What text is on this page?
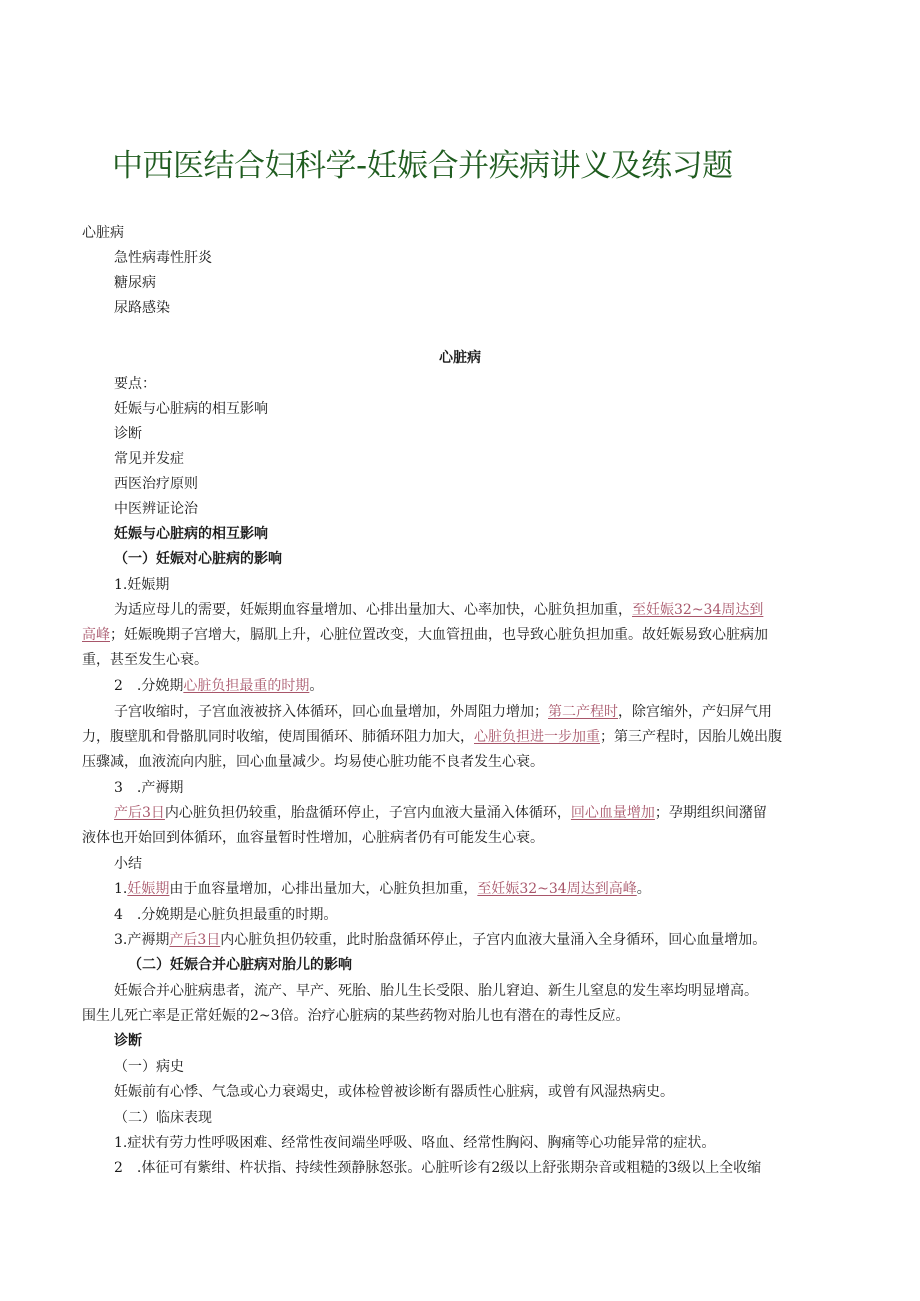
中西医结合妇科学-妊娠合并疾病讲义及练习题
心脏病
急性病毒性肝炎
糖尿病
尿路感染
心脏病
要点：
妊娠与心脏病的相互影响
诊断
常见并发症
西医治疗原则
中医辨证论治
妊娠与心脏病的相互影响
（一）妊娠对心脏病的影响
1.妊娠期
为适应母儿的需要，妊娠期血容量增加、心排出量加大、心率加快，心脏负担加重，至妊娠32~34周达到
高峰；妊娠晚期子宫增大，膈肌上升，心脏位置改变，大血管扭曲，也导致心脏负担加重。故妊娠易致心脏病加
重，甚至发生心衰。
2　.分娩期心脏负担最重的时期。
子宫收缩时，子宫血液被挤入体循环，回心血量增加，外周阻力增加；第二产程时，除宫缩外，产妇屏气用
力，腹壁肌和骨骼肌同时收缩，使周围循环、肺循环阻力加大，心脏负担进一步加重；第三产程时，因胎儿娩出腹
压骤减，血液流向内脏，回心血量减少。均易使心脏功能不良者发生心衰。
3　.产褥期
产后3日内心脏负担仍较重，胎盘循环停止，子宫内血液大量涌入体循环，回心血量增加；孕期组织间潴留
液体也开始回到体循环，血容量暂时性增加，心脏病者仍有可能发生心衰。
小结
1.妊娠期由于血容量增加，心排出量加大，心脏负担加重，至妊娠32~34周达到高峰。
4　.分娩期是心脏负担最重的时期。
3.产褥期产后3日内心脏负担仍较重，此时胎盘循环停止，子宫内血液大量涌入全身循环，回心血量增加。
（二）妊娠合并心脏病对胎儿的影响
妊娠合并心脏病患者，流产、早产、死胎、胎儿生长受限、胎儿窘迫、新生儿窒息的发生率均明显增高。
围生儿死亡率是正常妊娠的2~3倍。治疗心脏病的某些药物对胎儿也有潜在的毒性反应。
诊断
（一）病史
妊娠前有心悸、气急或心力衰竭史，或体检曾被诊断有器质性心脏病，或曾有风湿热病史。
（二）临床表现
1.症状有劳力性呼吸困难、经常性夜间端坐呼吸、咯血、经常性胸闷、胸痛等心功能异常的症状。
2　.体征可有紫绀、杵状指、持续性颈静脉怒张。心脏听诊有2级以上舒张期杂音或粗糙的3级以上全收缩
